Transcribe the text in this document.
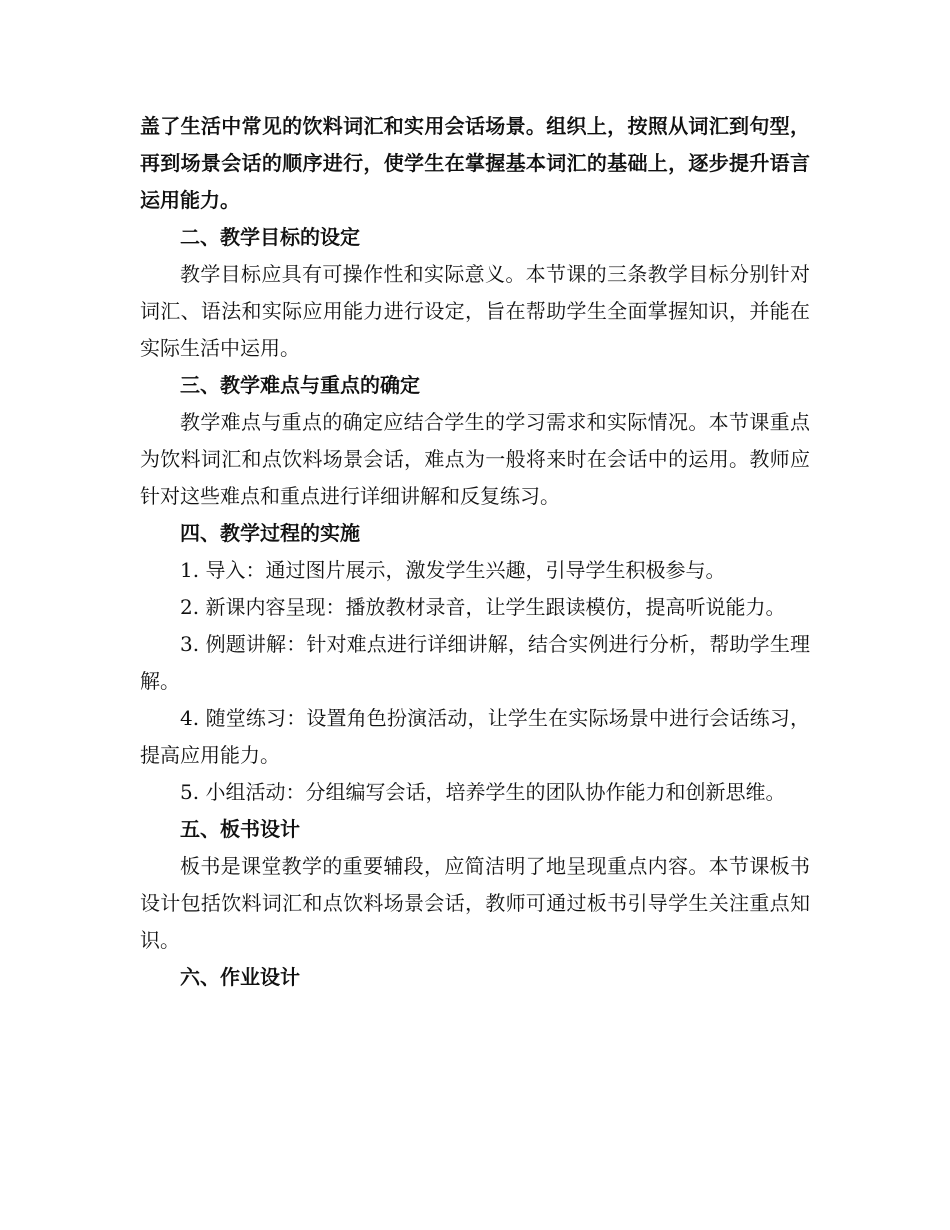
盖了生活中常见的饮料词汇和实用会话场景。组织上，按照从词汇到句型，再到场景会话的顺序进行，使学生在掌握基本词汇的基础上，逐步提升语言运用能力。

二、教学目标的设定

教学目标应具有可操作性和实际意义。本节课的三条教学目标分别针对词汇、语法和实际应用能力进行设定，旨在帮助学生全面掌握知识，并能在实际生活中运用。

三、教学难点与重点的确定

教学难点与重点的确定应结合学生的学习需求和实际情况。本节课重点为饮料词汇和点饮料场景会话，难点为一般将来时在会话中的运用。教师应针对这些难点和重点进行详细讲解和反复练习。

四、教学过程的实施

1. 导入：通过图片展示，激发学生兴趣，引导学生积极参与。

2. 新课内容呈现：播放教材录音，让学生跟读模仿，提高听说能力。

3. 例题讲解：针对难点进行详细讲解，结合实例进行分析，帮助学生理解。

4. 随堂练习：设置角色扮演活动，让学生在实际场景中进行会话练习，提高应用能力。

5. 小组活动：分组编写会话，培养学生的团队协作能力和创新思维。

五、板书设计

板书是课堂教学的重要辅段，应简洁明了地呈现重点内容。本节课板书设计包括饮料词汇和点饮料场景会话，教师可通过板书引导学生关注重点知识。

六、作业设计
